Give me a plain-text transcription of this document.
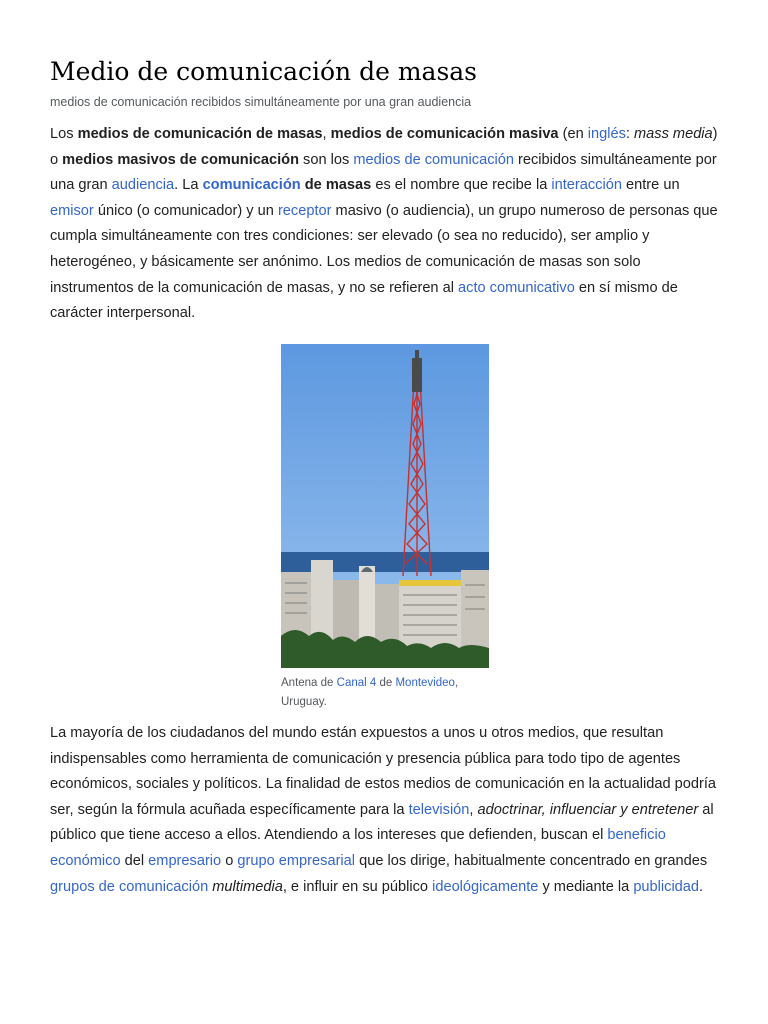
Medio de comunicación de masas
medios de comunicación recibidos simultáneamente por una gran audiencia
Los medios de comunicación de masas, medios de comunicación masiva (en inglés: mass media) o medios masivos de comunicación son los medios de comunicación recibidos simultáneamente por una gran audiencia. La comunicación de masas es el nombre que recibe la interacción entre un emisor único (o comunicador) y un receptor masivo (o audiencia), un grupo numeroso de personas que cumpla simultáneamente con tres condiciones: ser elevado (o sea no reducido), ser amplio y heterogéneo, y básicamente ser anónimo. Los medios de comunicación de masas son solo instrumentos de la comunicación de masas, y no se refieren al acto comunicativo en sí mismo de carácter interpersonal.
Antena de Canal 4 de Montevideo, Uruguay.
La mayoría de los ciudadanos del mundo están expuestos a unos u otros medios, que resultan indispensables como herramienta de comunicación y presencia pública para todo tipo de agentes económicos, sociales y políticos. La finalidad de estos medios de comunicación en la actualidad podría ser, según la fórmula acuñada específicamente para la televisión, adoctrinar, influenciar y entretener al público que tiene acceso a ellos. Atendiendo a los intereses que defienden, buscan el beneficio económico del empresario o grupo empresarial que los dirige, habitualmente concentrado en grandes grupos de comunicación multimedia, e influir en su público ideológicamente y mediante la publicidad.
